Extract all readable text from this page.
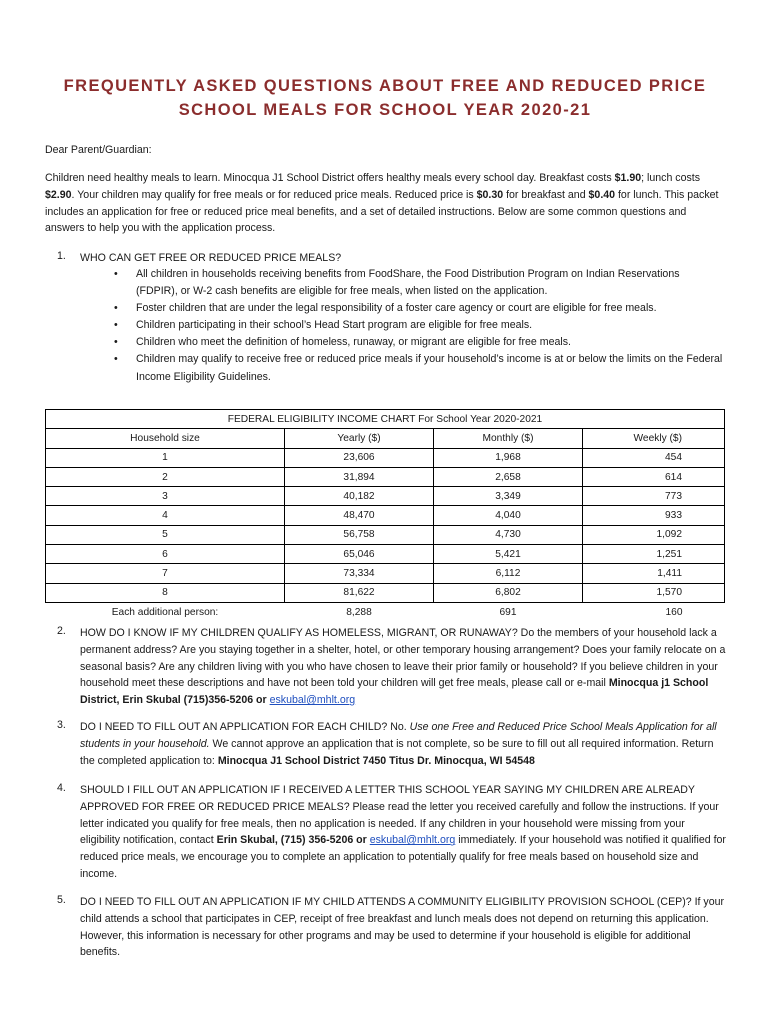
FREQUENTLY ASKED QUESTIONS ABOUT FREE AND REDUCED PRICE
SCHOOL MEALS FOR SCHOOL YEAR 2020-21

Dear Parent/Guardian:

Children need healthy meals to learn. Minocqua J1 School District offers healthy meals every school day. Breakfast costs $1.90; lunch costs $2.90. Your children may qualify for free meals or for reduced price meals. Reduced price is $0.30 for breakfast and $0.40 for lunch. This packet includes an application for free or reduced price meal benefits, and a set of detailed instructions. Below are some common questions and answers to help you with the application process.

1. WHO CAN GET FREE OR REDUCED PRICE MEALS?

• All children in households receiving benefits from FoodShare, the Food Distribution Program on Indian Reservations (FDPIR), or W-2 cash benefits are eligible for free meals, when listed on the application.
• Foster children that are under the legal responsibility of a foster care agency or court are eligible for free meals.
• Children participating in their school’s Head Start program are eligible for free meals.
• Children who meet the definition of homeless, runaway, or migrant are eligible for free meals.
• Children may qualify to receive free or reduced price meals if your household’s income is at or below the limits on the Federal Income Eligibility Guidelines.
FEDERAL ELIGIBILITY INCOME CHART For School Year 2020-2021			
Household size	Yearly ($)	Monthly ($)	Weekly ($)
1	23,606	1,968	454
2	31,894	2,658	614
3	40,182	3,349	773
4	48,470	4,040	933
5	56,758	4,730	1,092
6	65,046	5,421	1,251
7	73,334	6,112	1,411
8	81,622	6,802	1,570
Each additional person:	8,288	691	160
2. HOW DO I KNOW IF MY CHILDREN QUALIFY AS HOMELESS, MIGRANT, OR RUNAWAY? Do the members of your household lack a permanent address? Are you staying together in a shelter, hotel, or other temporary housing arrangement? Does your family relocate on a seasonal basis? Are any children living with you who have chosen to leave their prior family or household? If you believe children in your household meet these descriptions and have not been told your children will get free meals, please call or e-mail Minocqua j1 School District, Erin Skubal (715)356-5206 or eskubal@mhlt.org

3. DO I NEED TO FILL OUT AN APPLICATION FOR EACH CHILD? No. Use one Free and Reduced Price School Meals Application for all students in your household. We cannot approve an application that is not complete, so be sure to fill out all required information. Return the completed application to: Minocqua J1 School District 7450 Titus Dr. Minocqua, WI 54548

4. SHOULD I FILL OUT AN APPLICATION IF I RECEIVED A LETTER THIS SCHOOL YEAR SAYING MY CHILDREN ARE ALREADY APPROVED FOR FREE OR REDUCED PRICE MEALS? Please read the letter you received carefully and follow the instructions. If your letter indicated you qualify for free meals, then no application is needed. If any children in your household were missing from your eligibility notification, contact Erin Skubal, (715) 356-5206 or eskubal@mhlt.org immediately. If your household was notified it qualified for reduced price meals, we encourage you to complete an application to potentially qualify for free meals based on household size and income.

5. DO I NEED TO FILL OUT AN APPLICATION IF MY CHILD ATTENDS A COMMUNITY ELIGIBILITY PROVISION SCHOOL (CEP)? If your child attends a school that participates in CEP, receipt of free breakfast and lunch meals does not depend on returning this application. However, this information is necessary for other programs and may be used to determine if your household is eligible for additional benefits.
